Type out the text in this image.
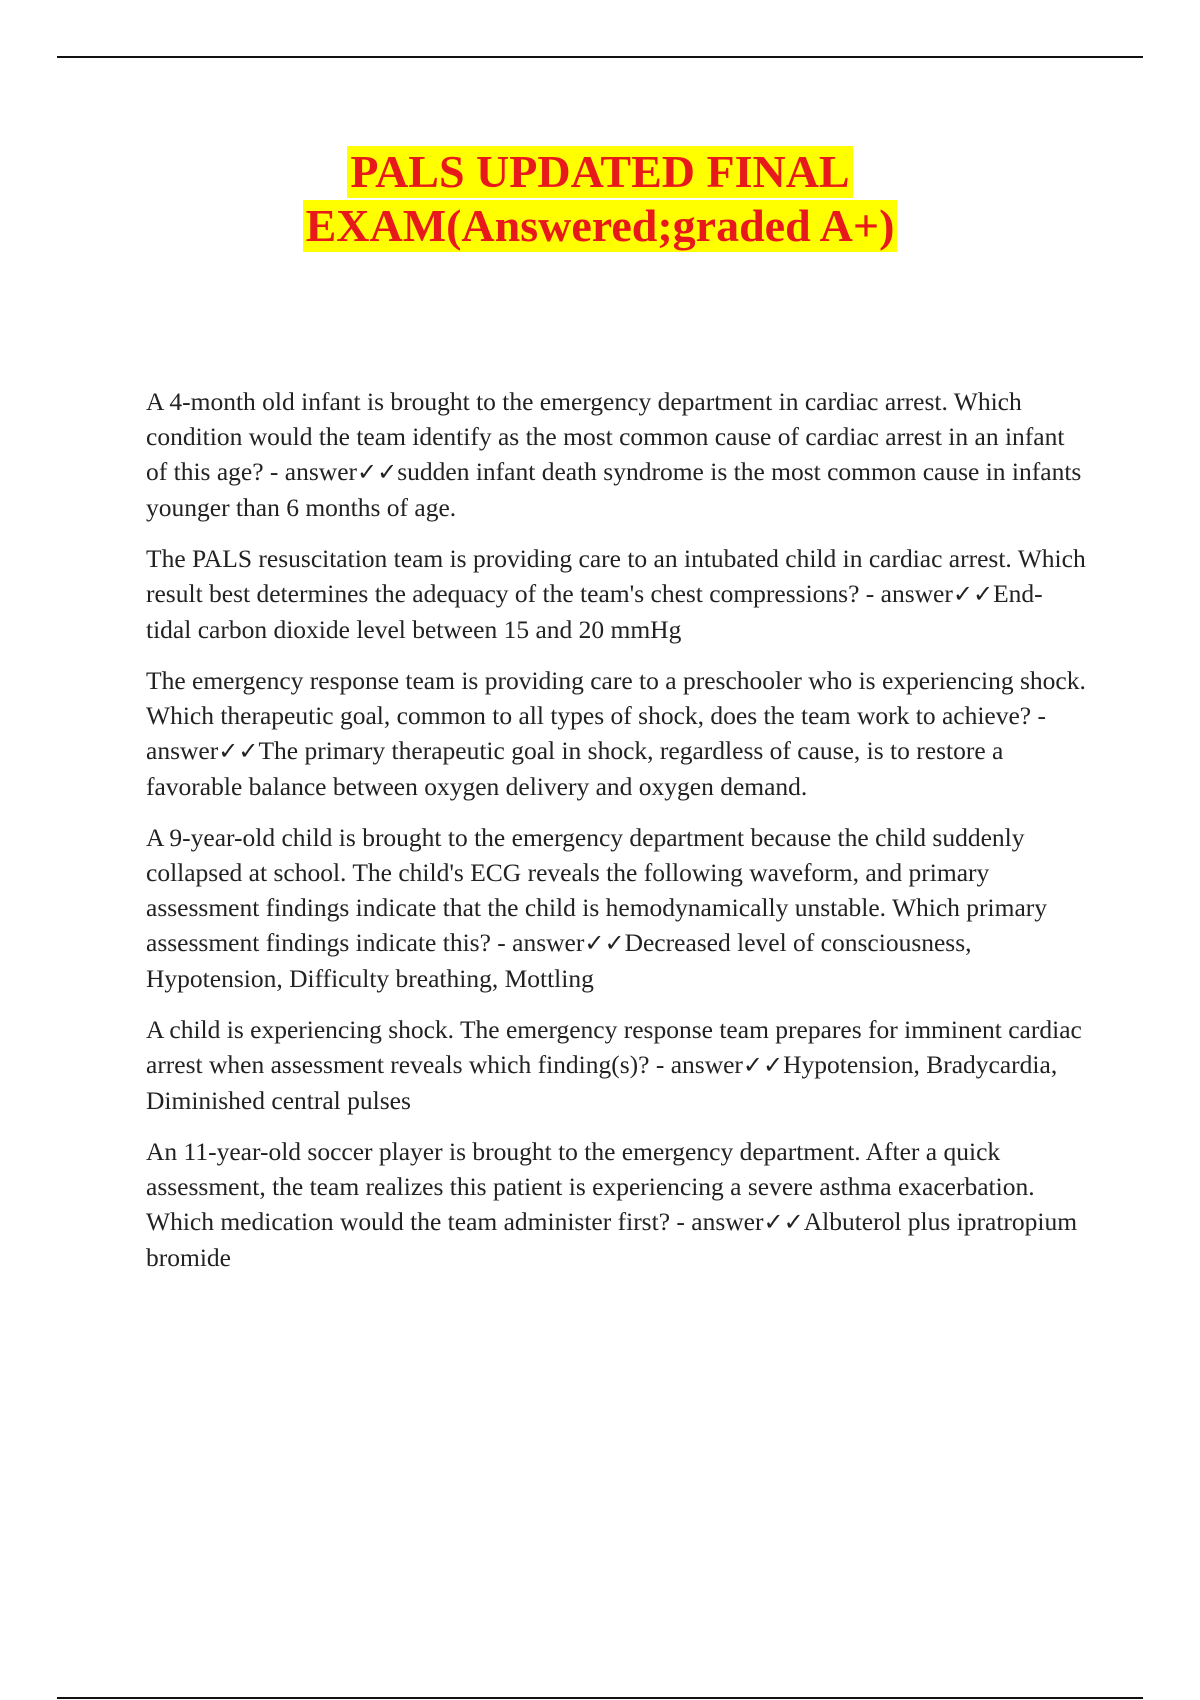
PALS UPDATED FINAL
EXAM(Answered;graded A+)

A 4-month old infant is brought to the emergency department in cardiac arrest. Which condition would the team identify as the most common cause of cardiac arrest in an infant of this age? - answer✓✓sudden infant death syndrome is the most common cause in infants younger than 6 months of age.

The PALS resuscitation team is providing care to an intubated child in cardiac arrest. Which result best determines the adequacy of the team's chest compressions? - answer✓✓End-tidal carbon dioxide level between 15 and 20 mmHg

The emergency response team is providing care to a preschooler who is experiencing shock. Which therapeutic goal, common to all types of shock, does the team work to achieve? - answer✓✓The primary therapeutic goal in shock, regardless of cause, is to restore a favorable balance between oxygen delivery and oxygen demand.

A 9-year-old child is brought to the emergency department because the child suddenly collapsed at school. The child's ECG reveals the following waveform, and primary assessment findings indicate that the child is hemodynamically unstable. Which primary assessment findings indicate this? - answer✓✓Decreased level of consciousness, Hypotension, Difficulty breathing, Mottling

A child is experiencing shock. The emergency response team prepares for imminent cardiac arrest when assessment reveals which finding(s)? - answer✓✓Hypotension, Bradycardia, Diminished central pulses

An 11-year-old soccer player is brought to the emergency department. After a quick assessment, the team realizes this patient is experiencing a severe asthma exacerbation. Which medication would the team administer first? - answer✓✓Albuterol plus ipratropium bromide
